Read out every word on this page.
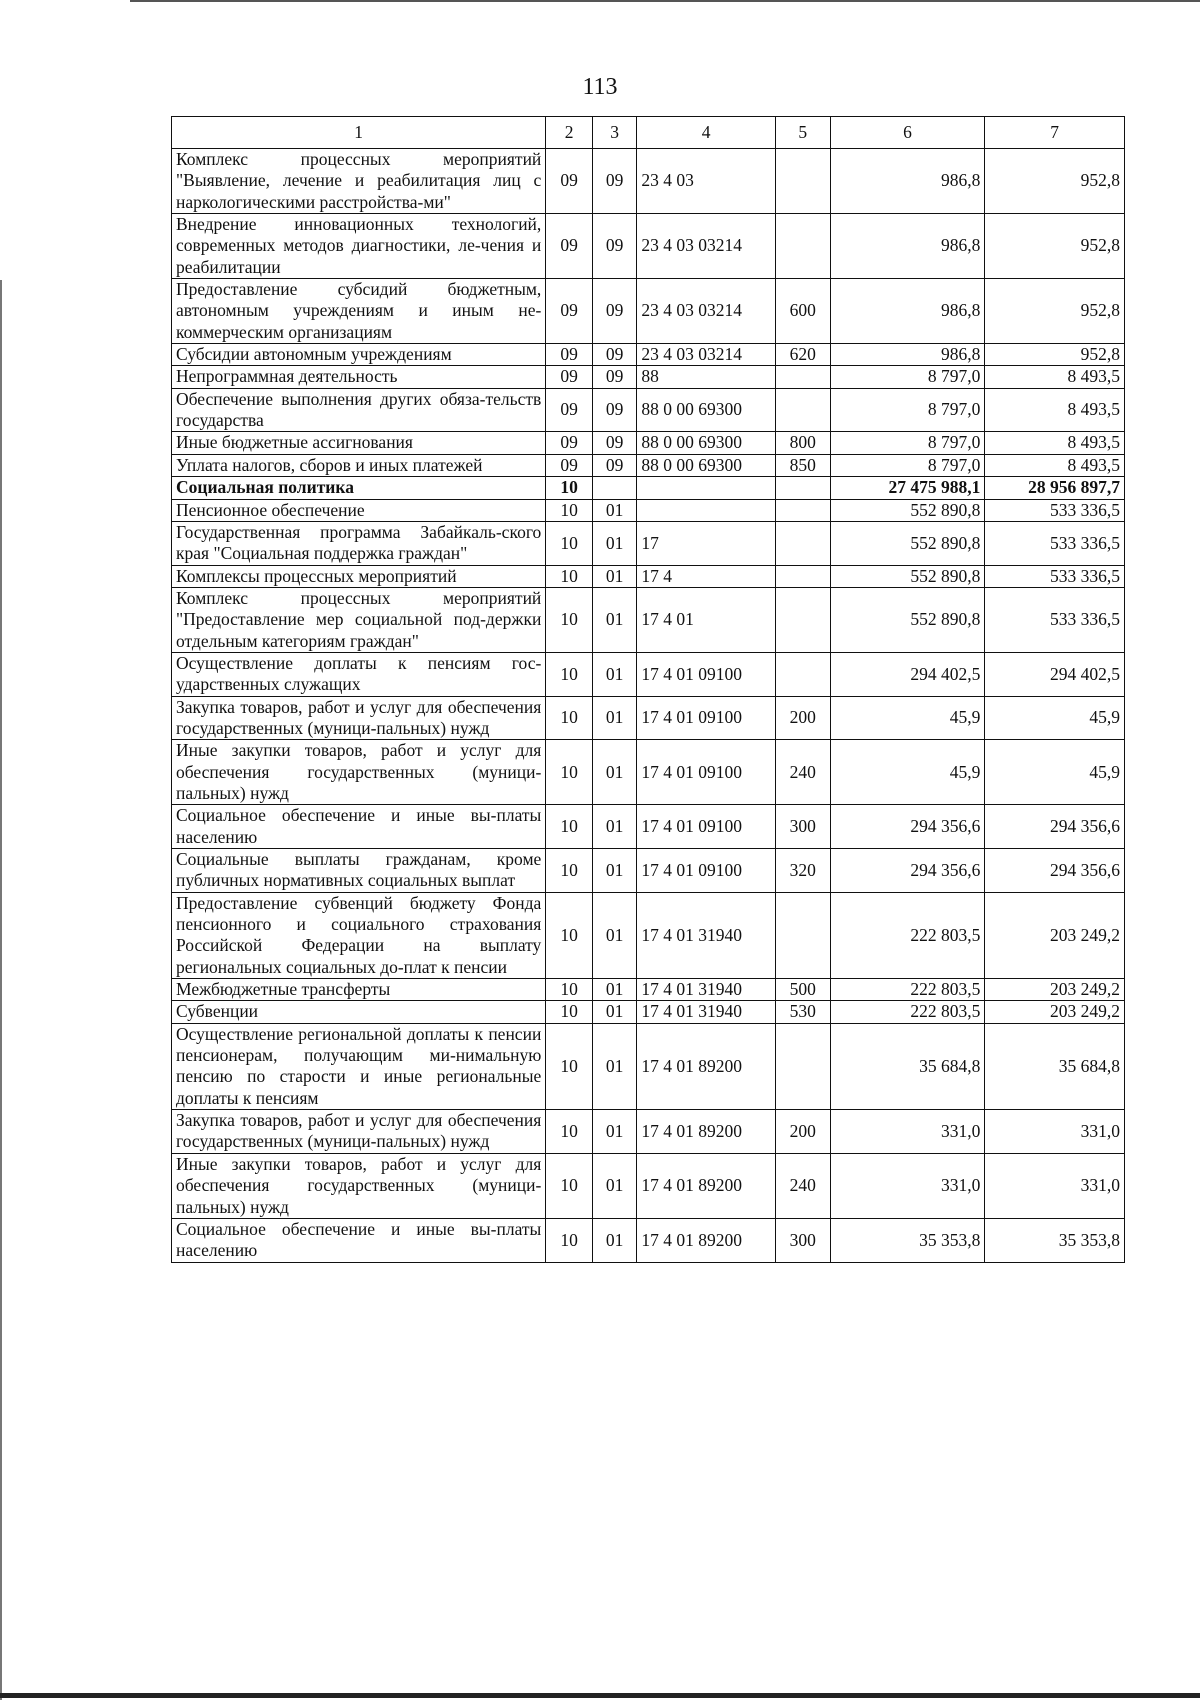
113
1	2	3	4	5	6	7
Комплекс процессных мероприятий "Выявление, лечение и реабилитация лиц с наркологическими расстройства-ми"	09	09	23 4 03		986,8	952,8
Внедрение инновационных технологий, современных методов диагностики, ле-чения и реабилитации	09	09	23 4 03 03214		986,8	952,8
Предоставление субсидий бюджетным, автономным учреждениям и иным не-коммерческим организациям	09	09	23 4 03 03214	600	986,8	952,8
Субсидии автономным учреждениям	09	09	23 4 03 03214	620	986,8	952,8
Непрограммная деятельность	09	09	88		8 797,0	8 493,5
Обеспечение выполнения других обяза-тельств государства	09	09	88 0 00 69300		8 797,0	8 493,5
Иные бюджетные ассигнования	09	09	88 0 00 69300	800	8 797,0	8 493,5
Уплата налогов, сборов и иных платежей	09	09	88 0 00 69300	850	8 797,0	8 493,5
Социальная политика	10				27 475 988,1	28 956 897,7
Пенсионное обеспечение	10	01			552 890,8	533 336,5
Государственная программа Забайкаль-ского края "Социальная поддержка граждан"	10	01	17		552 890,8	533 336,5
Комплексы процессных мероприятий	10	01	17 4		552 890,8	533 336,5
Комплекс процессных мероприятий "Предоставление мер социальной под-держки отдельным категориям граждан"	10	01	17 4 01		552 890,8	533 336,5
Осуществление доплаты к пенсиям гос-ударственных служащих	10	01	17 4 01 09100		294 402,5	294 402,5
Закупка товаров, работ и услуг для обеспечения государственных (муници-пальных) нужд	10	01	17 4 01 09100	200	45,9	45,9
Иные закупки товаров, работ и услуг для обеспечения государственных (муници-пальных) нужд	10	01	17 4 01 09100	240	45,9	45,9
Социальное обеспечение и иные вы-платы населению	10	01	17 4 01 09100	300	294 356,6	294 356,6
Социальные выплаты гражданам, кроме публичных нормативных социальных выплат	10	01	17 4 01 09100	320	294 356,6	294 356,6
Предоставление субвенций бюджету Фонда пенсионного и социального страхования Российской Федерации на выплату региональных социальных до-плат к пенсии	10	01	17 4 01 31940		222 803,5	203 249,2
Межбюджетные трансферты	10	01	17 4 01 31940	500	222 803,5	203 249,2
Субвенции	10	01	17 4 01 31940	530	222 803,5	203 249,2
Осуществление региональной доплаты к пенсии пенсионерам, получающим ми-нимальную пенсию по старости и иные региональные доплаты к пенсиям	10	01	17 4 01 89200		35 684,8	35 684,8
Закупка товаров, работ и услуг для обеспечения государственных (муници-пальных) нужд	10	01	17 4 01 89200	200	331,0	331,0
Иные закупки товаров, работ и услуг для обеспечения государственных (муници-пальных) нужд	10	01	17 4 01 89200	240	331,0	331,0
Социальное обеспечение и иные вы-платы населению	10	01	17 4 01 89200	300	35 353,8	35 353,8
